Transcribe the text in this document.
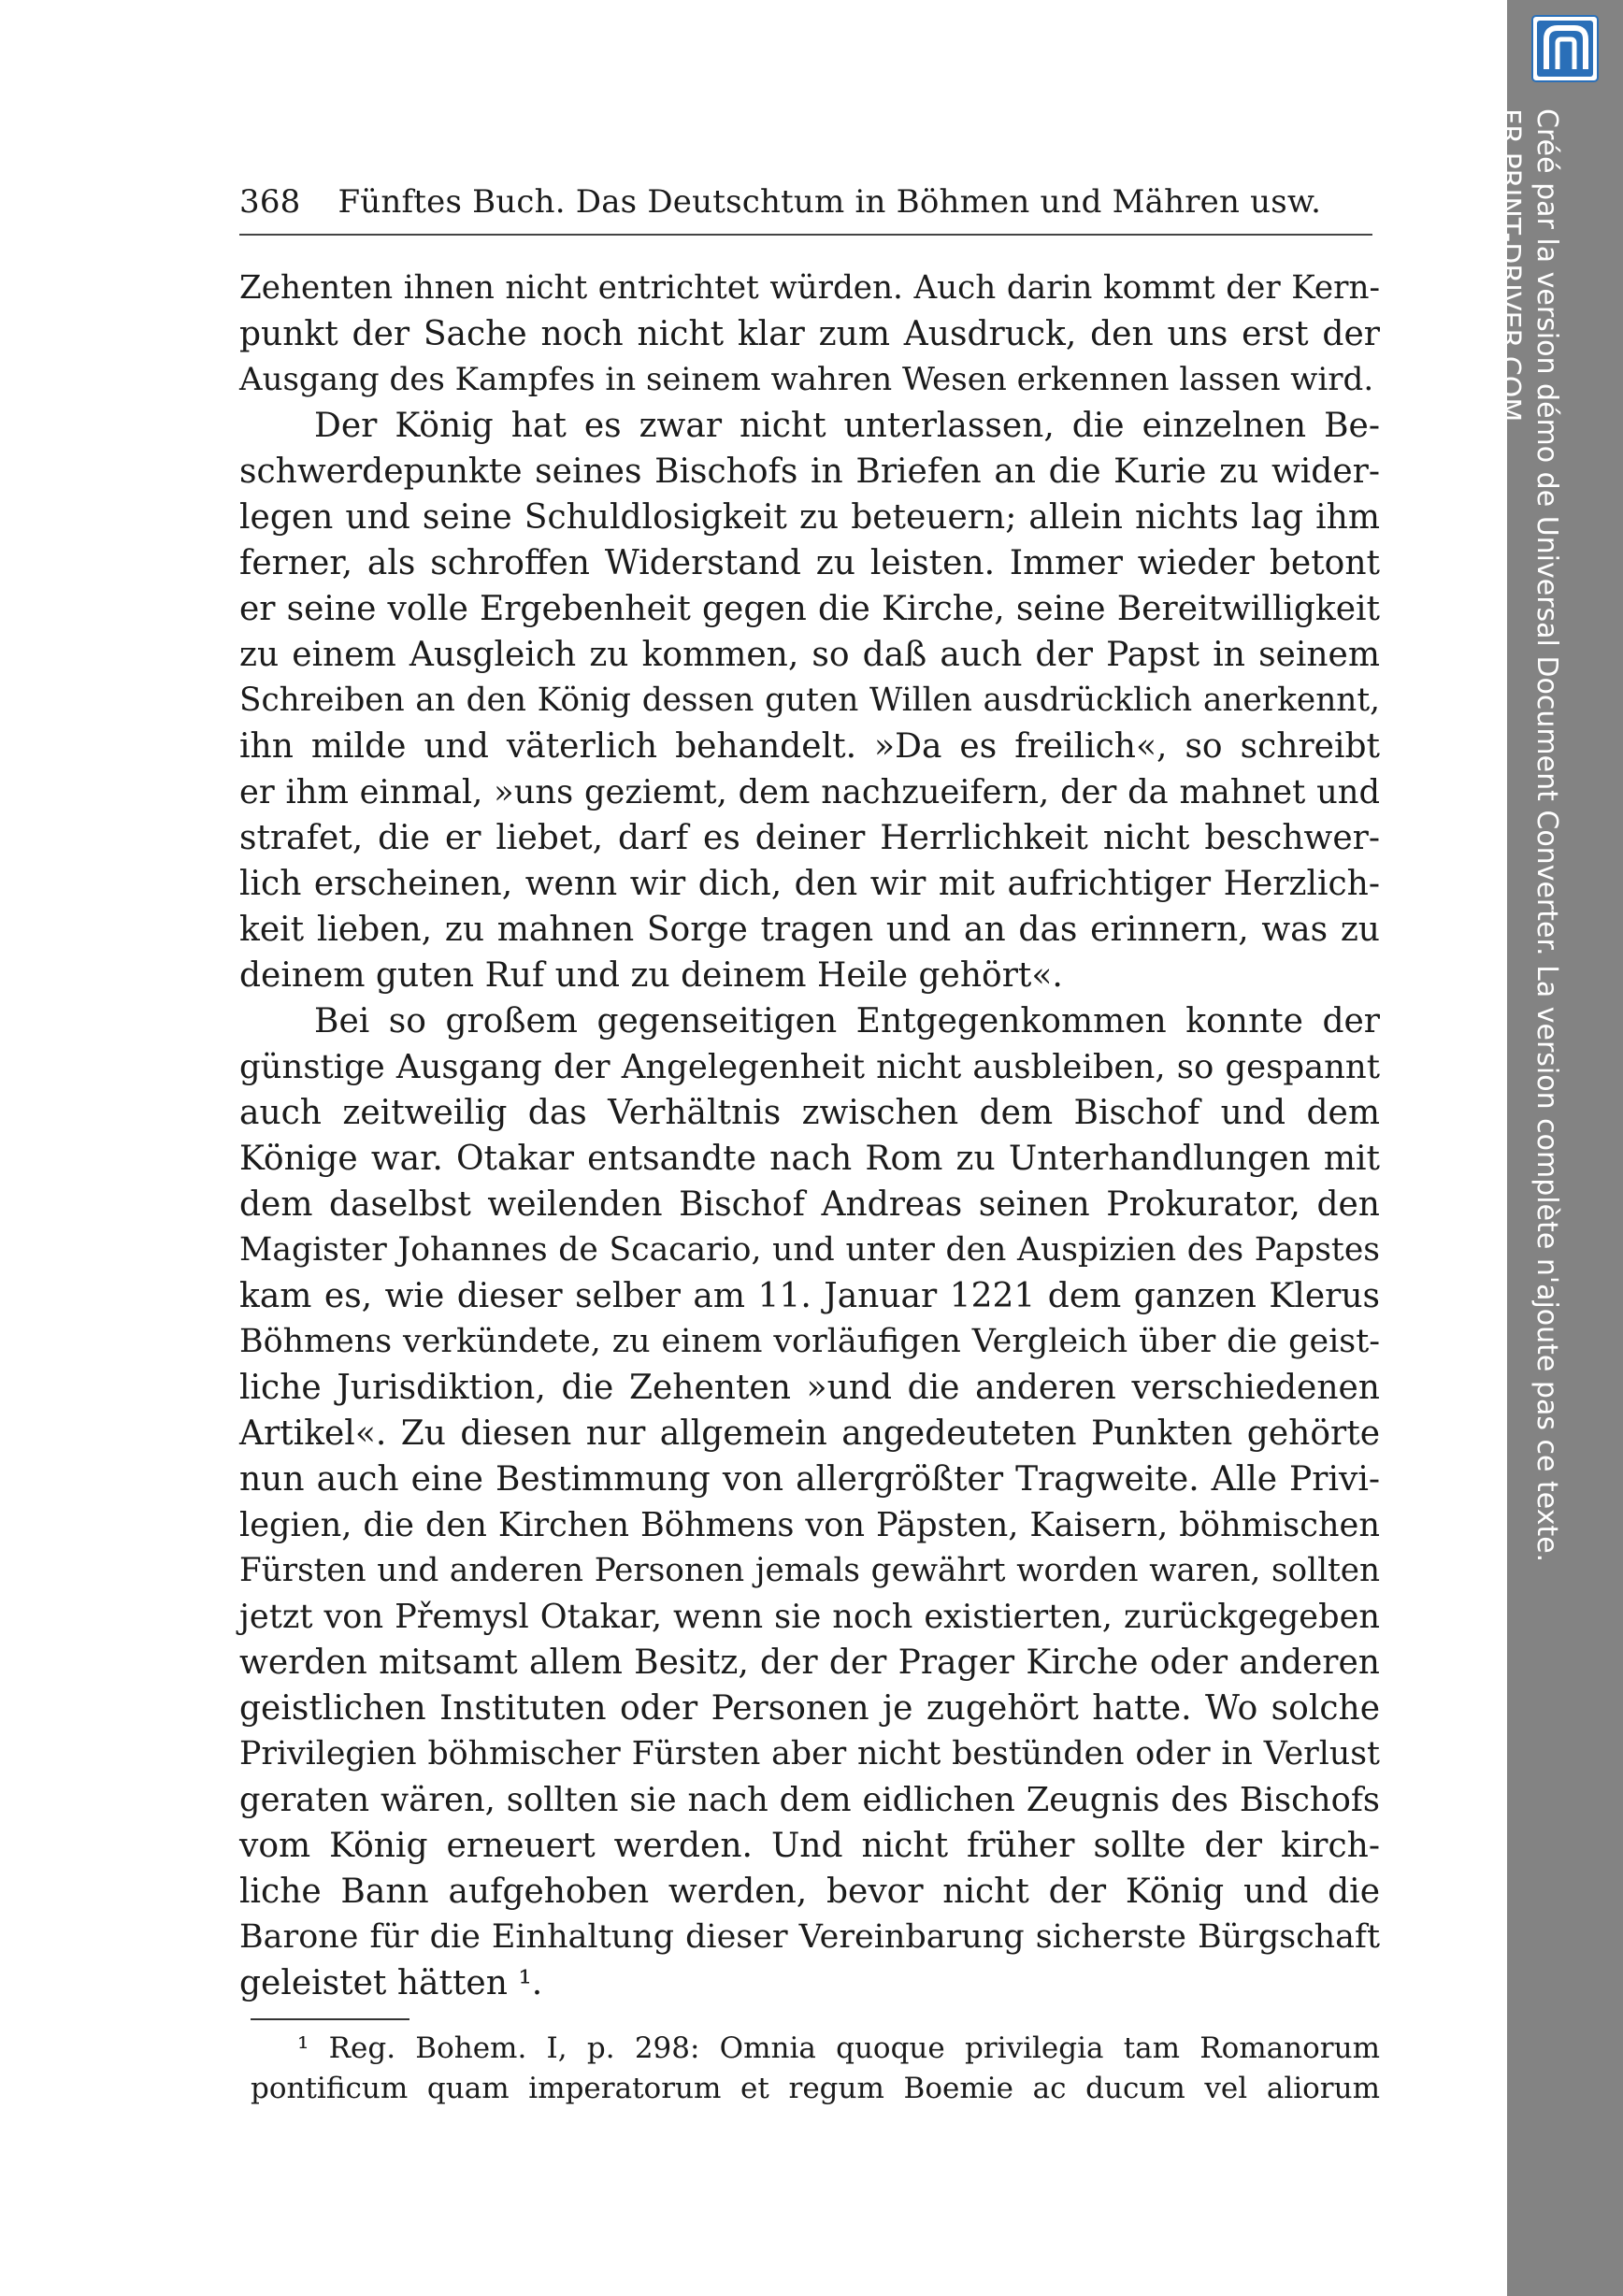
368 Fünftes Buch. Das Deutschtum in Böhmen und Mähren usw.
Zehenten ihnen nicht entrichtet würden. Auch darin kommt der Kern-
punkt der Sache noch nicht klar zum Ausdruck, den uns erst der
Ausgang des Kampfes in seinem wahren Wesen erkennen lassen wird.
Der König hat es zwar nicht unterlassen, die einzelnen Be-
schwerdepunkte seines Bischofs in Briefen an die Kurie zu wider-
legen und seine Schuldlosigkeit zu beteuern; allein nichts lag ihm
ferner, als schroffen Widerstand zu leisten. Immer wieder betont
er seine volle Ergebenheit gegen die Kirche, seine Bereitwilligkeit
zu einem Ausgleich zu kommen, so daß auch der Papst in seinem
Schreiben an den König dessen guten Willen ausdrücklich anerkennt,
ihn milde und väterlich behandelt. »Da es freilich«, so schreibt
er ihm einmal, »uns geziemt, dem nachzueifern, der da mahnet und
strafet, die er liebet, darf es deiner Herrlichkeit nicht beschwer-
lich erscheinen, wenn wir dich, den wir mit aufrichtiger Herzlich-
keit lieben, zu mahnen Sorge tragen und an das erinnern, was zu
deinem guten Ruf und zu deinem Heile gehört«.
Bei so großem gegenseitigen Entgegenkommen konnte der
günstige Ausgang der Angelegenheit nicht ausbleiben, so gespannt
auch zeitweilig das Verhältnis zwischen dem Bischof und dem
Könige war. Otakar entsandte nach Rom zu Unterhandlungen mit
dem daselbst weilenden Bischof Andreas seinen Prokurator, den
Magister Johannes de Scacario, und unter den Auspizien des Papstes
kam es, wie dieser selber am 11. Januar 1221 dem ganzen Klerus
Böhmens verkündete, zu einem vorläufigen Vergleich über die geist-
liche Jurisdiktion, die Zehenten »und die anderen verschiedenen
Artikel«. Zu diesen nur allgemein angedeuteten Punkten gehörte
nun auch eine Bestimmung von allergrößter Tragweite. Alle Privi-
legien, die den Kirchen Böhmens von Päpsten, Kaisern, böhmischen
Fürsten und anderen Personen jemals gewährt worden waren, sollten
jetzt von Přemysl Otakar, wenn sie noch existierten, zurückgegeben
werden mitsamt allem Besitz, der der Prager Kirche oder anderen
geistlichen Instituten oder Personen je zugehört hatte. Wo solche
Privilegien böhmischer Fürsten aber nicht bestünden oder in Verlust
geraten wären, sollten sie nach dem eidlichen Zeugnis des Bischofs
vom König erneuert werden. Und nicht früher sollte der kirch-
liche Bann aufgehoben werden, bevor nicht der König und die
Barone für die Einhaltung dieser Vereinbarung sicherste Bürgschaft
geleistet hätten ¹.
¹ Reg. Bohem. I, p. 298: Omnia quoque privilegia tam Romanorum
pontificum quam imperatorum et regum Boemie ac ducum vel aliorum
Créé par la version démo de Universal Document Converter. La version complète n'ajoute pas ce texte.
FR.PRINT-DRIVER.COM
